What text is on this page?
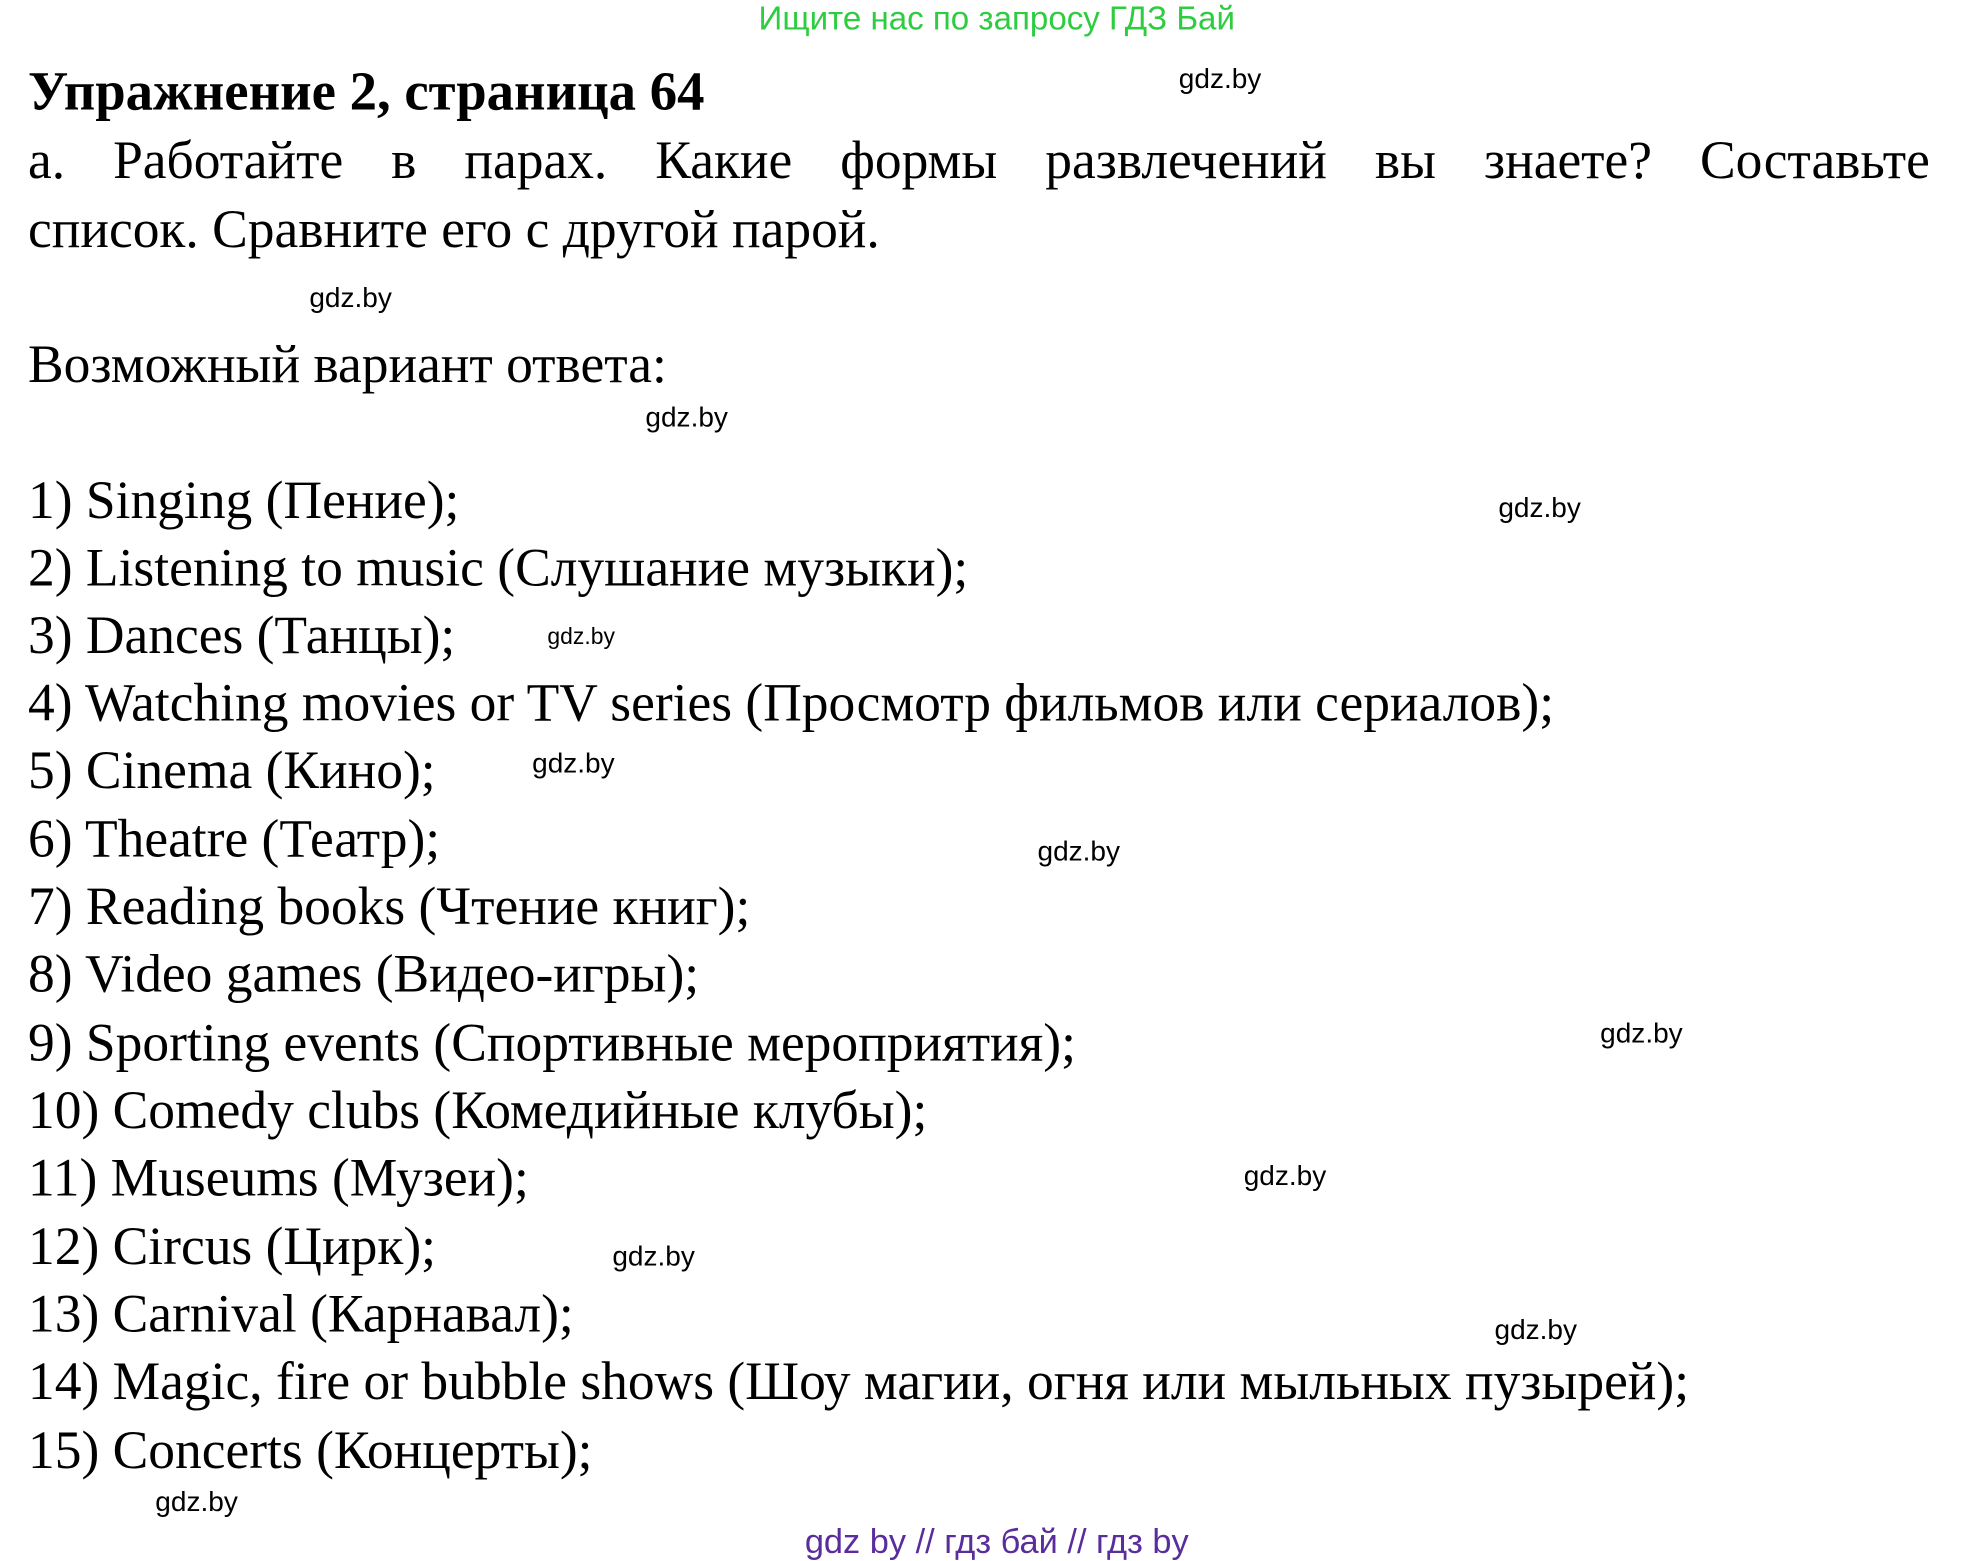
Ищите нас по запросу ГДЗ Бай
Упражнение 2, страница 64
а. Работайте в парах. Какие формы развлечений вы знаете? Составьте
список. Сравните его с другой парой.
Возможный вариант ответа:
1) Singing (Пение);
2) Listening to music (Слушание музыки);
3) Dances (Танцы);
4) Watching movies or TV series (Просмотр фильмов или сериалов);
5) Cinema (Кино);
6) Theatre (Театр);
7) Reading books (Чтение книг);
8) Video games (Видео-игры);
9) Sporting events (Спортивные мероприятия);
10) Comedy clubs (Комедийные клубы);
11) Museums (Музеи);
12) Circus (Цирк);
13) Carnival (Карнавал);
14) Magic, fire or bubble shows (Шоу магии, огня или мыльных пузырей);
15) Concerts (Концерты);
gdz.by
gdz.by
gdz.by
gdz.by
gdz.by
gdz.by
gdz.by
gdz.by
gdz.by
gdz.by
gdz.by
gdz.by
gdz by // гдз бай // гдз by
